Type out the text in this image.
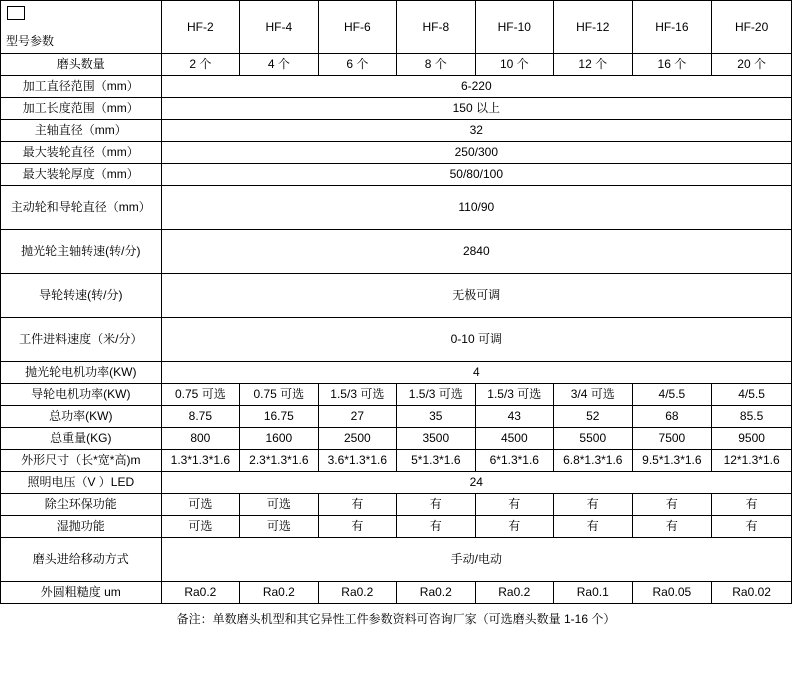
型号参数	HF-2	HF-4	HF-6	HF-8	HF-10	HF-12	HF-16	HF-20
磨头数量	2 个	4 个	6 个	8 个	10 个	12 个	16 个	20 个
加工直径范围（mm）	6-220							
加工长度范围（mm）	150 以上							
主轴直径（mm）	32							
最大装轮直径（mm）	250/300							
最大装轮厚度（mm）	50/80/100							
主动轮和导轮直径（mm）	110/90							
抛光轮主轴转速(转/分)	2840							
导轮转速(转/分)	无极可调							
工件进料速度（米/分）	0-10 可调							
抛光轮电机功率(KW)	4							
导轮电机功率(KW)	0.75 可选	0.75 可选	1.5/3 可选	1.5/3 可选	1.5/3 可选	3/4 可选	4/5.5	4/5.5
总功率(KW)	8.75	16.75	27	35	43	52	68	85.5
总重量(KG)	800	1600	2500	3500	4500	5500	7500	9500
外形尺寸（长*宽*高)m	1.3*1.3*1.6	2.3*1.3*1.6	3.6*1.3*1.6	5*1.3*1.6	6*1.3*1.6	6.8*1.3*1.6	9.5*1.3*1.6	12*1.3*1.6
照明电压（V ）LED	24							
除尘环保功能	可选	可选	有	有	有	有	有	有
湿抛功能	可选	可选	有	有	有	有	有	有
磨头进给移动方式	手动/电动							
外圆粗糙度 um	Ra0.2	Ra0.2	Ra0.2	Ra0.2	Ra0.2	Ra0.1	Ra0.05	Ra0.02
备注：单数磨头机型和其它异性工件参数资料可咨询厂家（可选磨头数量 1-16 个）
